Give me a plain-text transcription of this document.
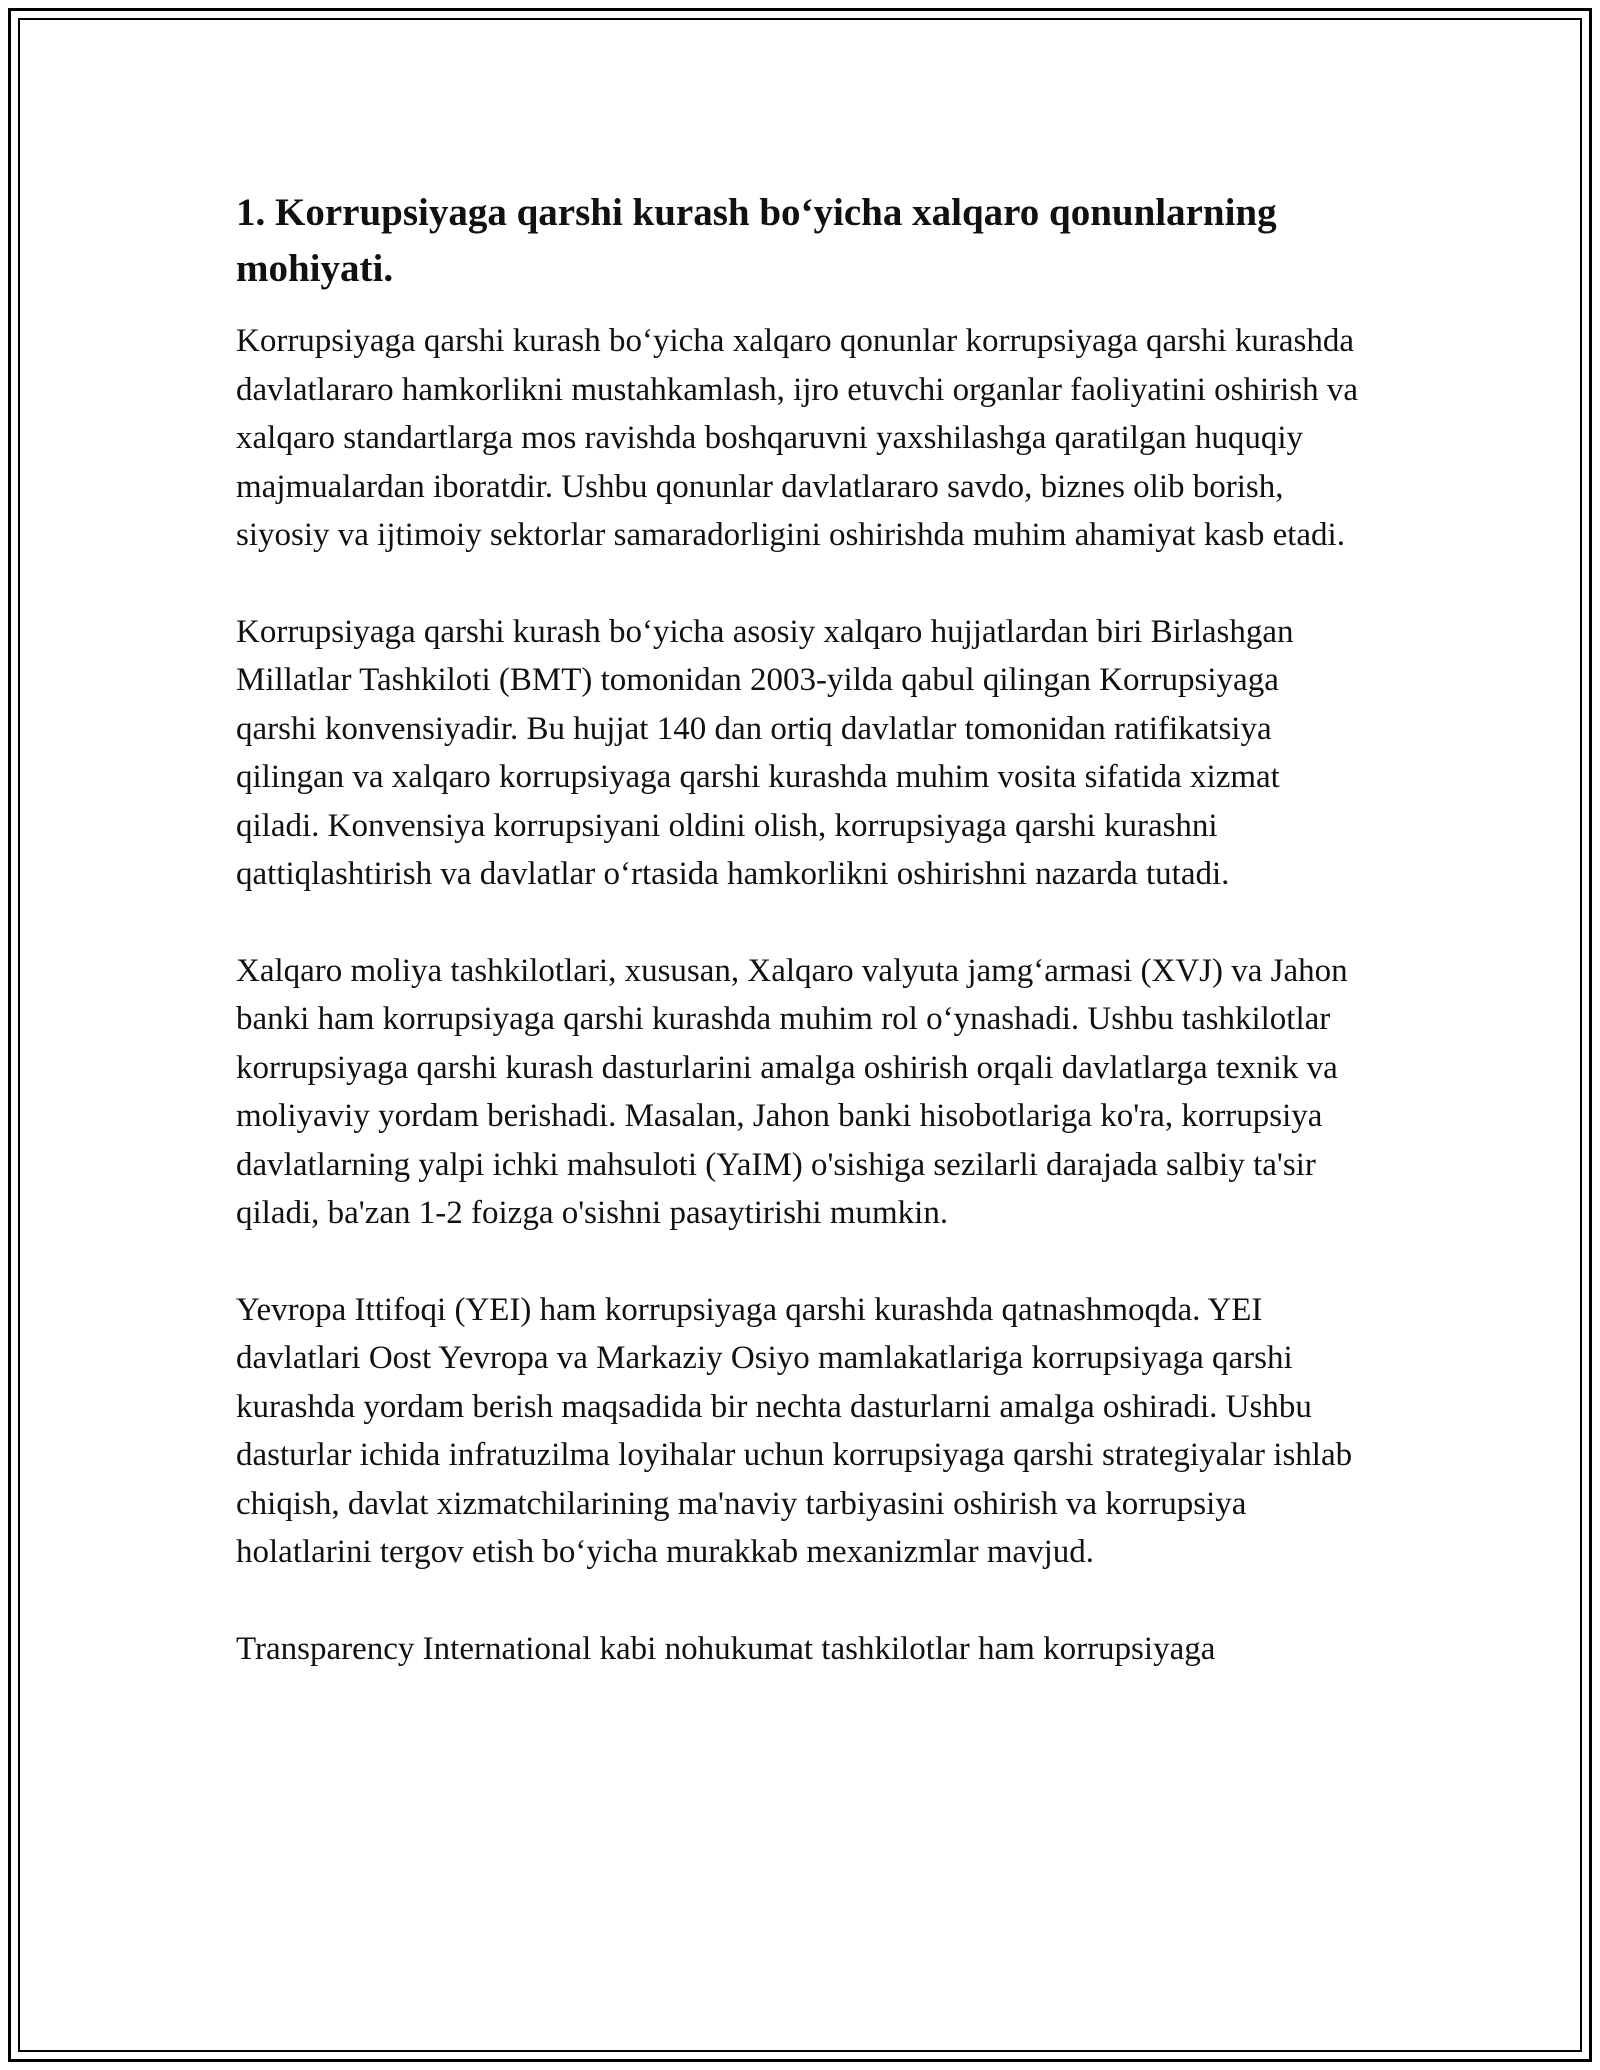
1. Korrupsiyaga qarshi kurash bo‘yicha xalqaro qonunlarning mohiyati.

Korrupsiyaga qarshi kurash bo‘yicha xalqaro qonunlar korrupsiyaga qarshi kurashda davlatlararo hamkorlikni mustahkamlash, ijro etuvchi organlar faoliyatini oshirish va xalqaro standartlarga mos ravishda boshqaruvni yaxshilashga qaratilgan huquqiy majmualardan iboratdir. Ushbu qonunlar davlatlararo savdo, biznes olib borish, siyosiy va ijtimoiy sektorlar samaradorligini oshirishda muhim ahamiyat kasb etadi.

Korrupsiyaga qarshi kurash bo‘yicha asosiy xalqaro hujjatlardan biri Birlashgan Millatlar Tashkiloti (BMT) tomonidan 2003-yilda qabul qilingan Korrupsiyaga qarshi konvensiyadir. Bu hujjat 140 dan ortiq davlatlar tomonidan ratifikatsiya qilingan va xalqaro korrupsiyaga qarshi kurashda muhim vosita sifatida xizmat qiladi. Konvensiya korrupsiyani oldini olish, korrupsiyaga qarshi kurashni qattiqlashtirish va davlatlar o‘rtasida hamkorlikni oshirishni nazarda tutadi.

Xalqaro moliya tashkilotlari, xususan, Xalqaro valyuta jamg‘armasi (XVJ) va Jahon banki ham korrupsiyaga qarshi kurashda muhim rol o‘ynashadi. Ushbu tashkilotlar korrupsiyaga qarshi kurash dasturlarini amalga oshirish orqali davlatlarga texnik va moliyaviy yordam berishadi. Masalan, Jahon banki hisobotlariga ko'ra, korrupsiya davlatlarning yalpi ichki mahsuloti (YaIM) o'sishiga sezilarli darajada salbiy ta'sir qiladi, ba'zan 1-2 foizga o'sishni pasaytirishi mumkin.

Yevropa Ittifoqi (YEI) ham korrupsiyaga qarshi kurashda qatnashmoqda. YEI davlatlari Oost Yevropa va Markaziy Osiyo mamlakatlariga korrupsiyaga qarshi kurashda yordam berish maqsadida bir nechta dasturlarni amalga oshiradi. Ushbu dasturlar ichida infratuzilma loyihalar uchun korrupsiyaga qarshi strategiyalar ishlab chiqish, davlat xizmatchilarining ma'naviy tarbiyasini oshirish va korrupsiya holatlarini tergov etish bo‘yicha murakkab mexanizmlar mavjud.

Transparency International kabi nohukumat tashkilotlar ham korrupsiyaga
